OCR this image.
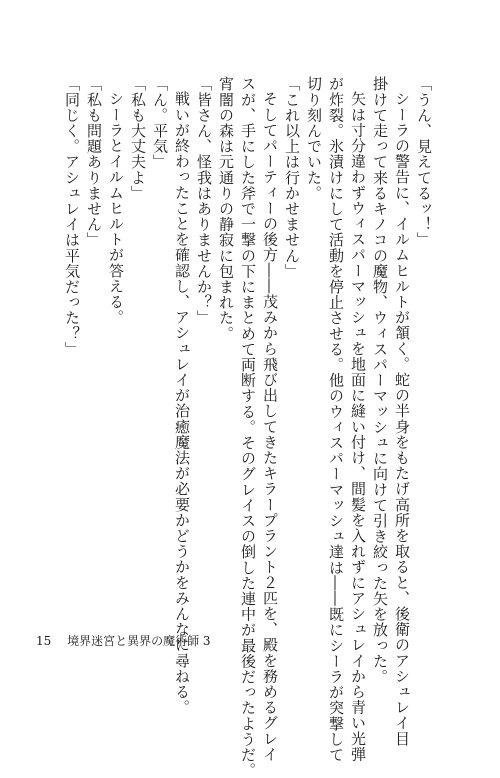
「うん、見えてるッ！」
シーラの警告に、イルムヒルトが頷く。蛇の半身をもたげ高所を取ると、後衛のアシュレイ目
掛けて走って来るキノコの魔物、ウィスパーマッシュに向けて引き絞った矢を放った。
矢は寸分違わずウィスパーマッシュを地面に縫い付け、間髪を入れずにアシュレイから青い光弾
が炸裂。氷漬けにして活動を停止させる。他のウィスパーマッシュ達は――既にシーラが突撃して
切り刻んでいた。
「これ以上は行かせません」
そしてパーティーの後方――茂みから飛び出してきたキラープラント２匹を、殿を務めるグレイ
スが、手にした斧で一撃の下にまとめて両断する。そのグレイスの倒した連中が最後だったようだ。
宵闇の森は元通りの静寂に包まれた。
「皆さん、怪我はありませんか？」
戦いが終わったことを確認し、アシュレイが治癒魔法が必要かどうかをみんなに尋ねる。
「ん。平気」
「私も大丈夫よ」
シーラとイルムヒルトが答える。
「私も問題ありません」
「同じく。アシュレイは平気だった？」
15 境界迷宮と異界の魔術師 3
